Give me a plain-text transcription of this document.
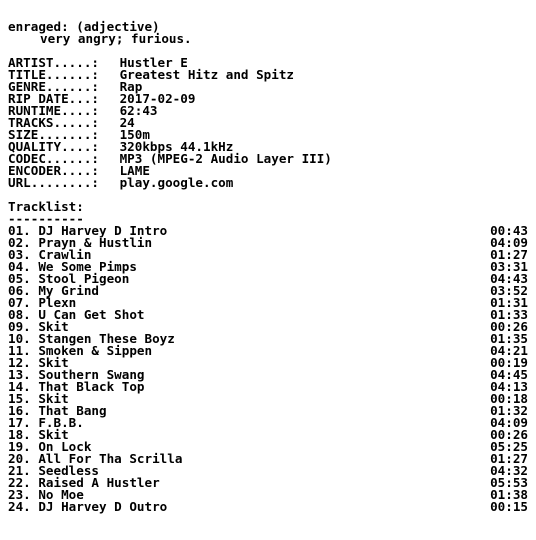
enraged: (adjective)
very angry; furious.
ARTIST.....: Hustler E
TITLE......: Greatest Hitz and Spitz
GENRE......: Rap
RIP DATE...: 2017-02-09
RUNTIME....: 62:43
TRACKS.....: 24
SIZE.......: 150m
QUALITY....: 320kbps 44.1kHz
CODEC......: MP3 (MPEG-2 Audio Layer III)
ENCODER....: LAME
URL........: play.google.com
Tracklist:
----------
01. DJ Harvey D Intro	00:43
02. Prayn & Hustlin	04:09
03. Crawlin	01:27
04. We Some Pimps	03:31
05. Stool Pigeon	04:43
06. My Grind	03:52
07. Plexn	01:31
08. U Can Get Shot	01:33
09. Skit	00:26
10. Stangen These Boyz	01:35
11. Smoken & Sippen	04:21
12. Skit	00:19
13. Southern Swang	04:45
14. That Black Top	04:13
15. Skit	00:18
16. That Bang	01:32
17. F.B.B.	04:09
18. Skit	00:26
19. On Lock	05:25
20. All For Tha Scrilla	01:27
21. Seedless	04:32
22. Raised A Hustler	05:53
23. No Moe	01:38
24. DJ Harvey D Outro	00:15
